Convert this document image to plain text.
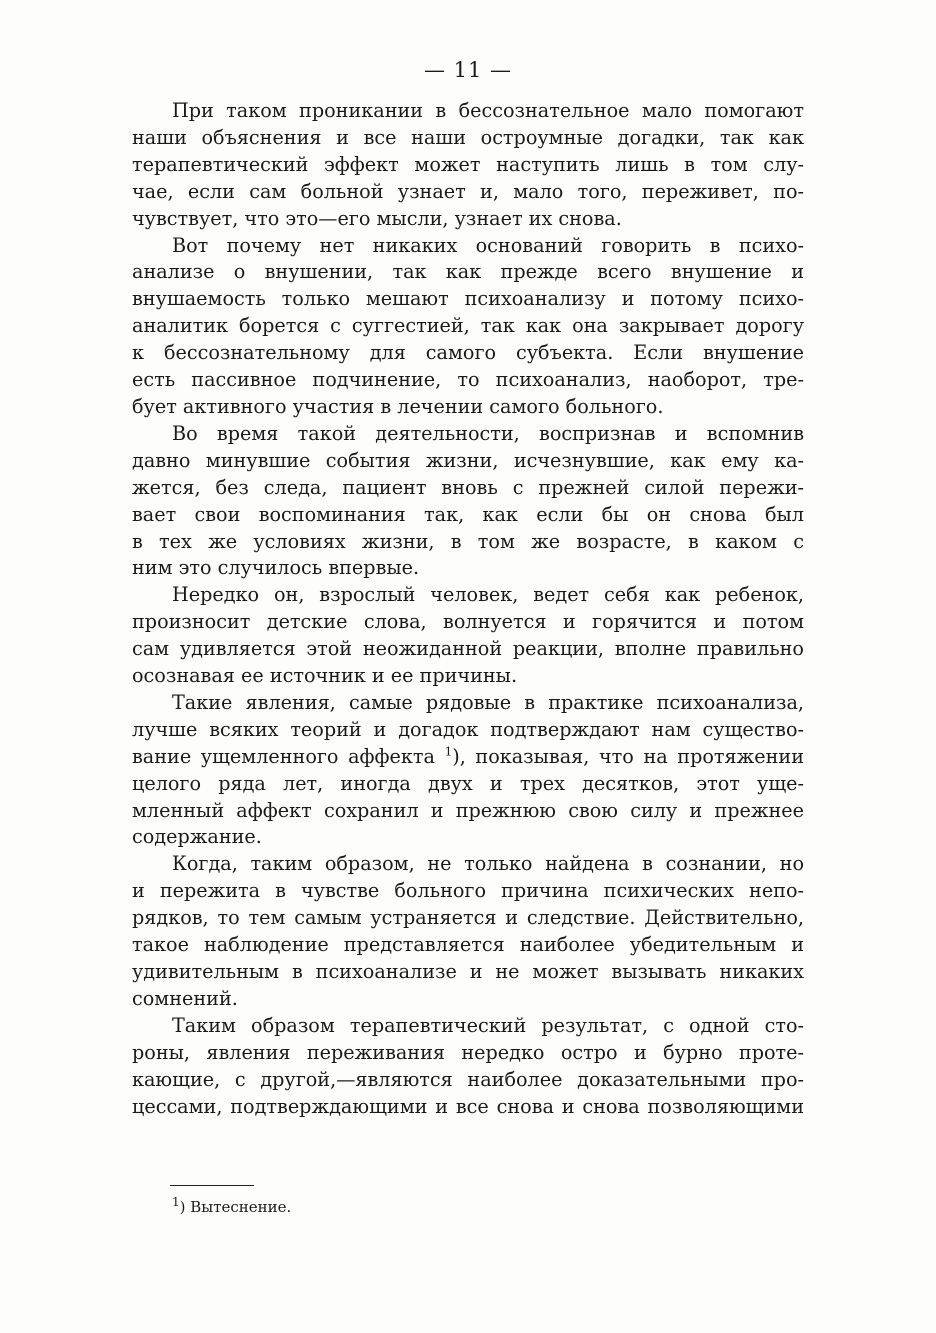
— 11 —

При таком проникании в бессознательное мало помогают
наши объяснения и все наши остроумные догадки, так как
терапевтический эффект может наступить лишь в том слу-
чае, если сам больной узнает и, мало того, переживет, по-
чувствует, что это—его мысли, узнает их снова.

Вот почему нет никаких оснований говорить в психо-
анализе о внушении, так как прежде всего внушение и
внушаемость только мешают психоанализу и потому психо-
аналитик борется с суггестией, так как она закрывает дорогу
к бессознательному для самого субъекта. Если внушение
есть пассивное подчинение, то психоанализ, наоборот, тре-
бует активного участия в лечении самого больного.

Во время такой деятельности, воспризнав и вспомнив
давно минувшие события жизни, исчезнувшие, как ему ка-
жется, без следа, пациент вновь с прежней силой пережи-
вает свои воспоминания так, как если бы он снова был
в тех же условиях жизни, в том же возрасте, в каком с
ним это случилось впервые.

Нередко он, взрослый человек, ведет себя как ребенок,
произносит детские слова, волнуется и горячится и потом
сам удивляется этой неожиданной реакции, вполне правильно
осознавая ее источник и ее причины.

Такие явления, самые рядовые в практике психоанализа,
лучше всяких теорий и догадок подтверждают нам существо-
вание ущемленного аффекта $^1$), показывая, что на протяжении
целого ряда лет, иногда двух и трех десятков, этот уще-
мленный аффект сохранил и прежнюю свою силу и прежнее
содержание.

Когда, таким образом, не только найдена в сознании, но
и пережита в чувстве больного причина психических непо-
рядков, то тем самым устраняется и следствие. Действительно,
такое наблюдение представляется наиболее убедительным и
удивительным в психоанализе и не может вызывать никаких
сомнений.

Таким образом терапевтический результат, с одной сто-
роны, явления переживания нередко остро и бурно проте-
кающие, с другой,—являются наиболее доказательными про-
цессами, подтверждающими и все снова и снова позволяющими

$^1$) Вытеснение.
